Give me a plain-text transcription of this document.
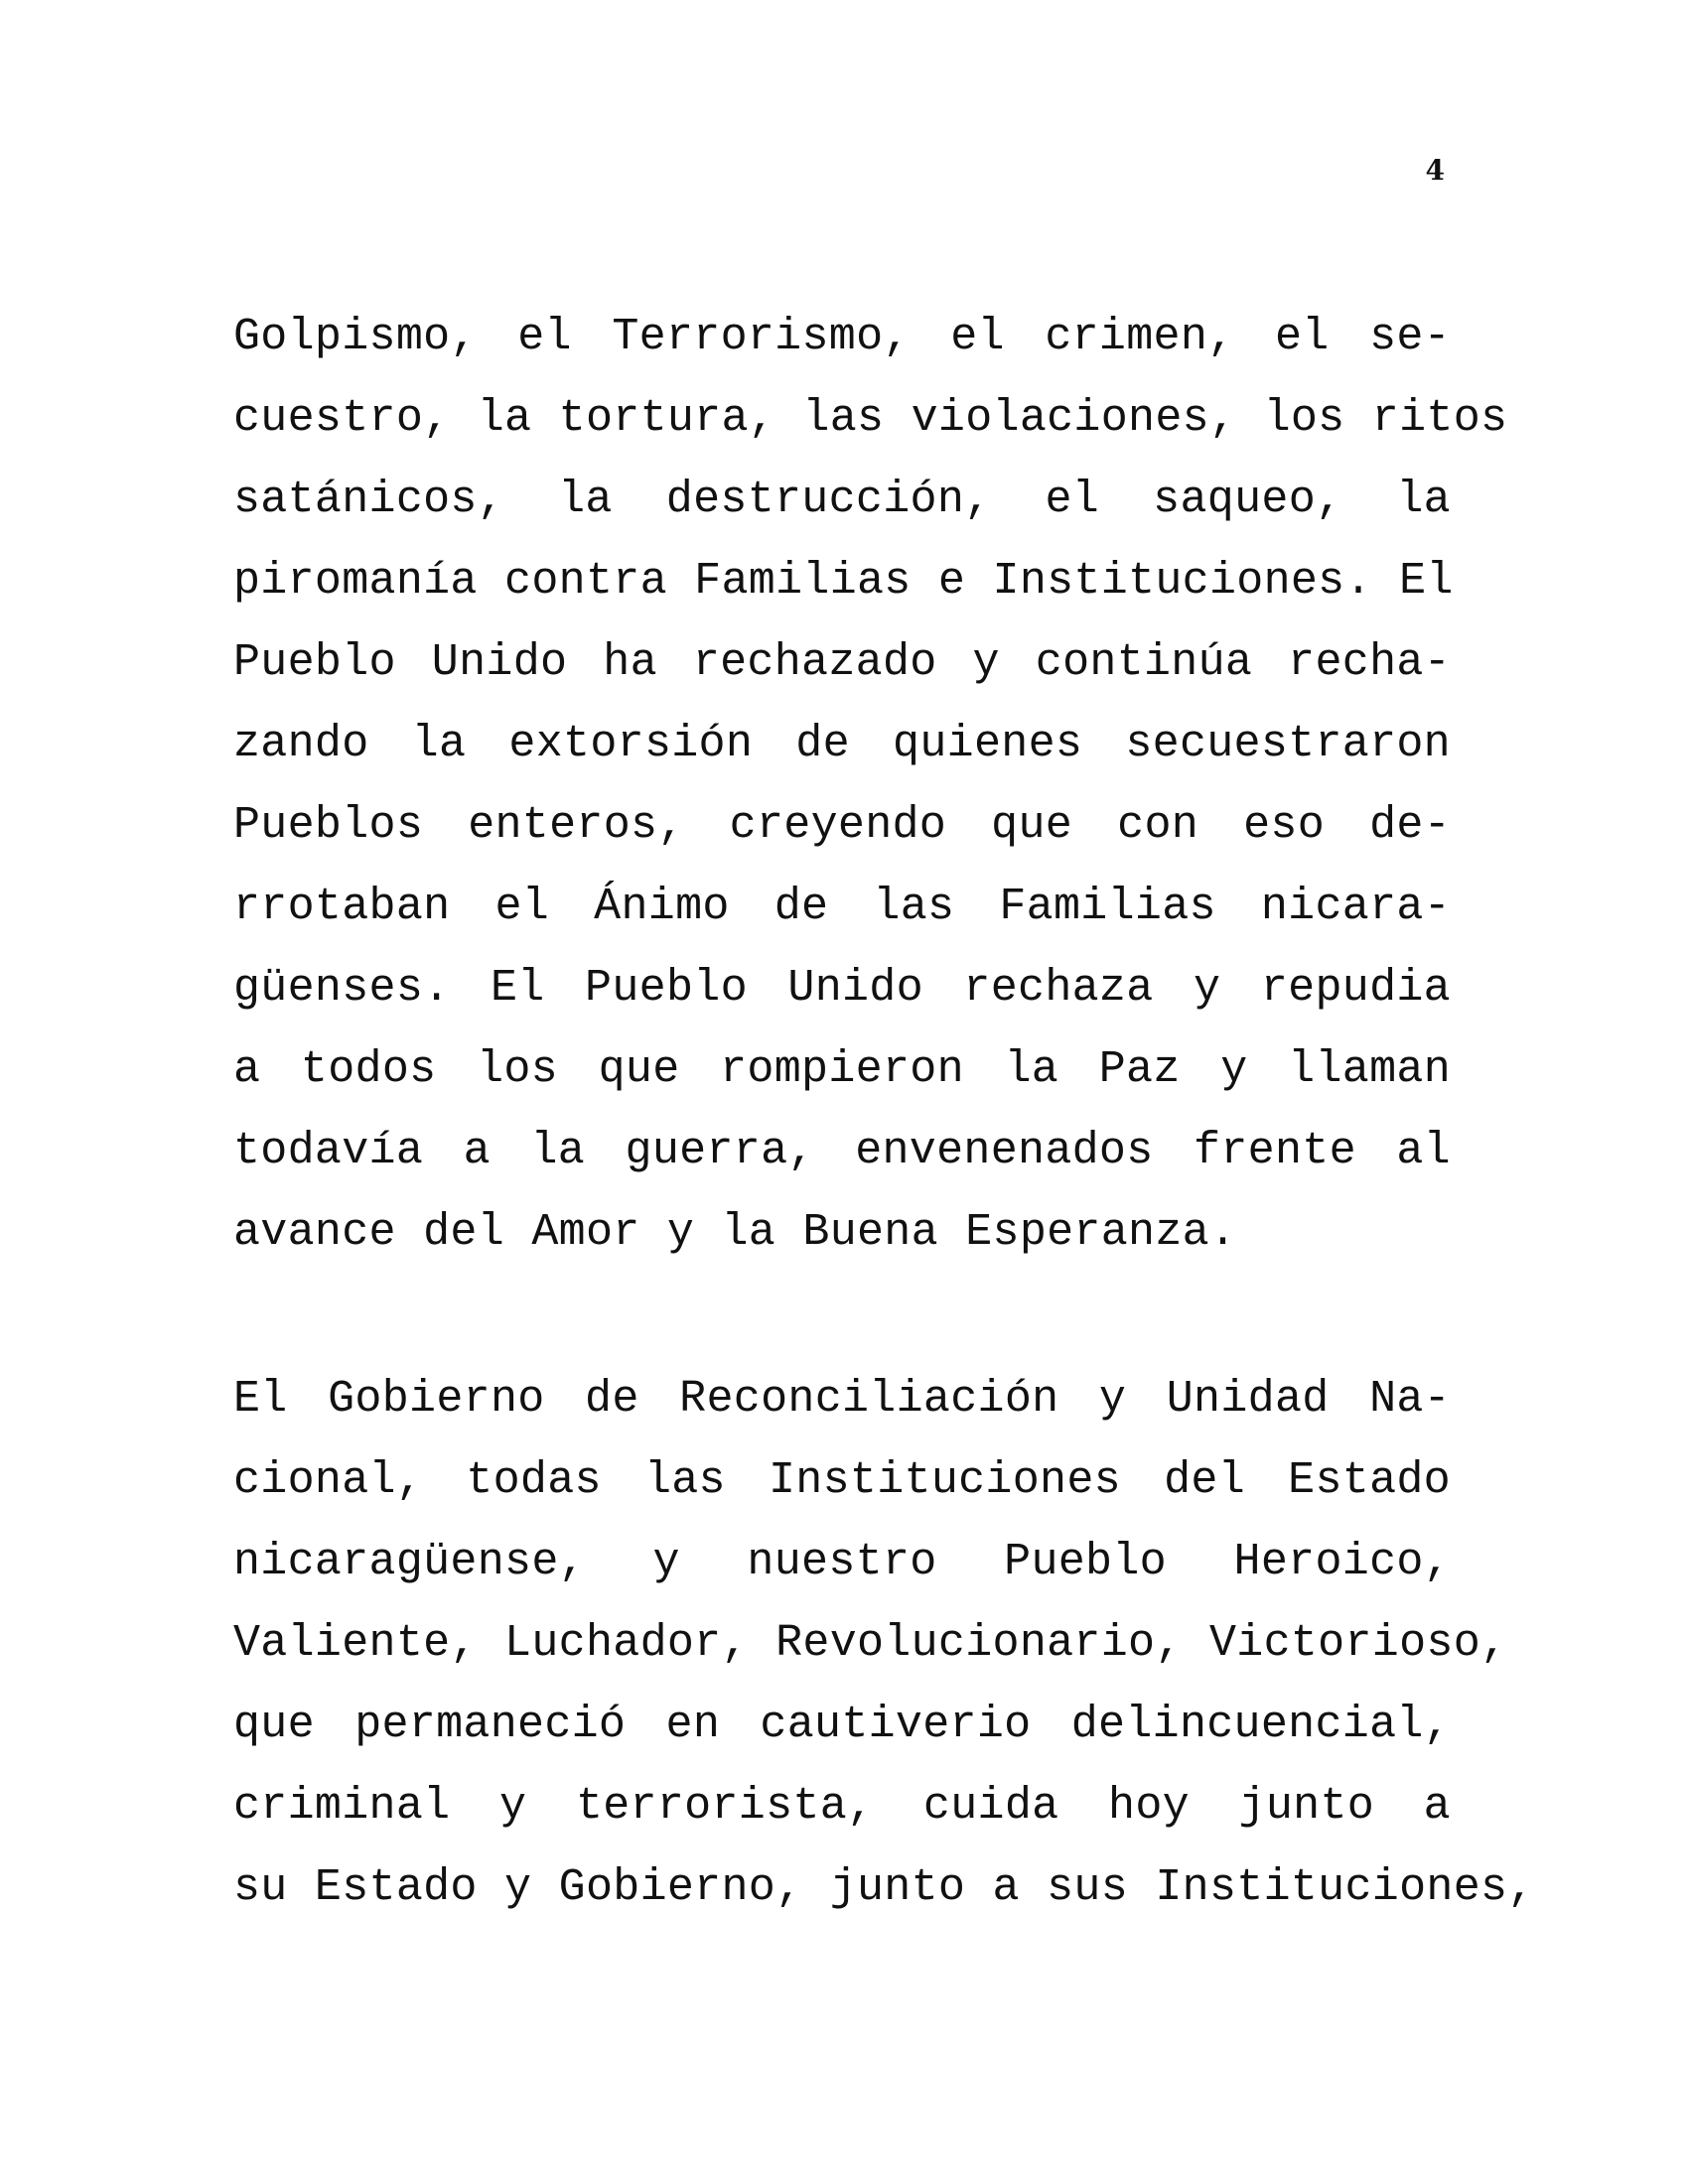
4
Golpismo, el Terrorismo, el crimen, el se-
cuestro, la tortura, las violaciones, los ritos
satánicos, la destrucción, el saqueo, la
piromanía contra Familias e Instituciones. El
Pueblo Unido ha rechazado y continúa recha-
zando la extorsión de quienes secuestraron
Pueblos enteros, creyendo que con eso de-
rrotaban el Ánimo de las Familias nicara-
güenses. El Pueblo Unido rechaza y repudia
a todos los que rompieron la Paz y llaman
todavía a la guerra, envenenados frente al
avance del Amor y la Buena Esperanza.
El Gobierno de Reconciliación y Unidad Na-
cional, todas las Instituciones del Estado
nicaragüense, y nuestro Pueblo Heroico,
Valiente, Luchador, Revolucionario, Victorioso,
que permaneció en cautiverio delincuencial,
criminal y terrorista, cuida hoy junto a
su Estado y Gobierno, junto a sus Instituciones,
